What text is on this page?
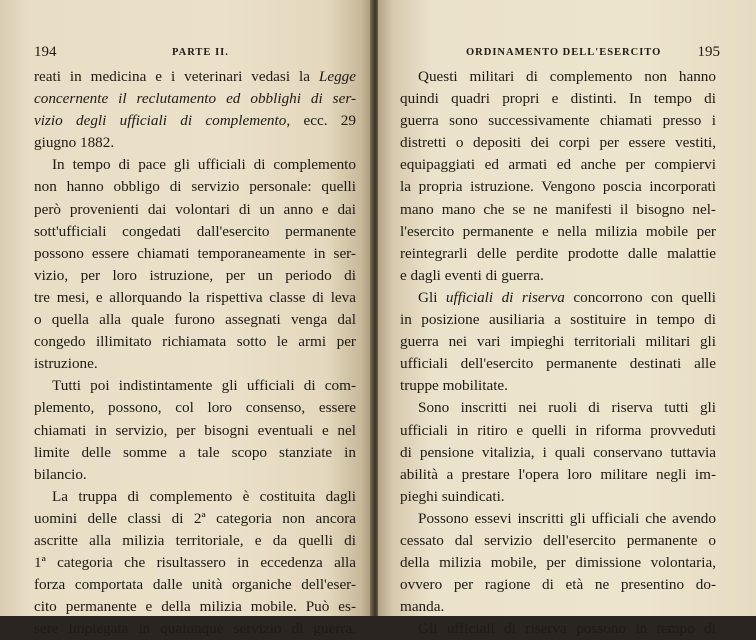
194	PARTE II.
reati in medicina e i veterinari vedasi la Legge
concernente il reclutamento ed obblighi di ser-
vizio degli ufficiali di complemento, ecc. 29
giugno 1882.
In tempo di pace gli ufficiali di complemento
non hanno obbligo di servizio personale: quelli
però provenienti dai volontari di un anno e dai
sott'ufficiali congedati dall'esercito permanente
possono essere chiamati temporaneamente in ser-
vizio, per loro istruzione, per un periodo di
tre mesi, e allorquando la rispettiva classe di leva
o quella alla quale furono assegnati venga dal
congedo illimitato richiamata sotto le armi per
istruzione.
Tutti poi indistintamente gli ufficiali di com-
plemento, possono, col loro consenso, essere
chiamati in servizio, per bisogni eventuali e nel
limite delle somme a tale scopo stanziate in
bilancio.
La truppa di complemento è costituita dagli
uomini delle classi di 2ª categoria non ancora
ascritte alla milizia territoriale, e da quelli di
1ª categoria che risultassero in eccedenza alla
forza comportata dalle unità organiche dell'eser-
cito permanente e della milizia mobile. Può es-
sere impiegata in qualunque servizio di guerra.
ORDINAMENTO DELL'ESERCITO 195
Questi militari di complemento non hanno
quindi quadri propri e distinti. In tempo di
guerra sono successivamente chiamati presso i
distretti o depositi dei corpi per essere vestiti,
equipaggiati ed armati ed anche per compiervi
la propria istruzione. Vengono poscia incorporati
mano mano che se ne manifesti il bisogno nel-
l'esercito permanente e nella milizia mobile per
reintegrarli delle perdite prodotte dalle malattie
e dagli eventi di guerra.
Gli ufficiali di riserva concorrono con quelli
in posizione ausiliaria a sostituire in tempo di
guerra nei vari impieghi territoriali militari gli
ufficiali dell'esercito permanente destinati alle
truppe mobilitate.
Sono inscritti nei ruoli di riserva tutti gli
ufficiali in ritiro e quelli in riforma provveduti
di pensione vitalizia, i quali conservano tuttavia
abilità a prestare l'opera loro militare negli im-
pieghi suindicati.
Possono essevi inscritti gli ufficiali che avendo
cessato dal servizio dell'esercito permanente o
della milizia mobile, per dimissione volontaria,
ovvero per ragione di età ne presentino do-
manda.
Gli ufficiali di riserva possono in tempo di
